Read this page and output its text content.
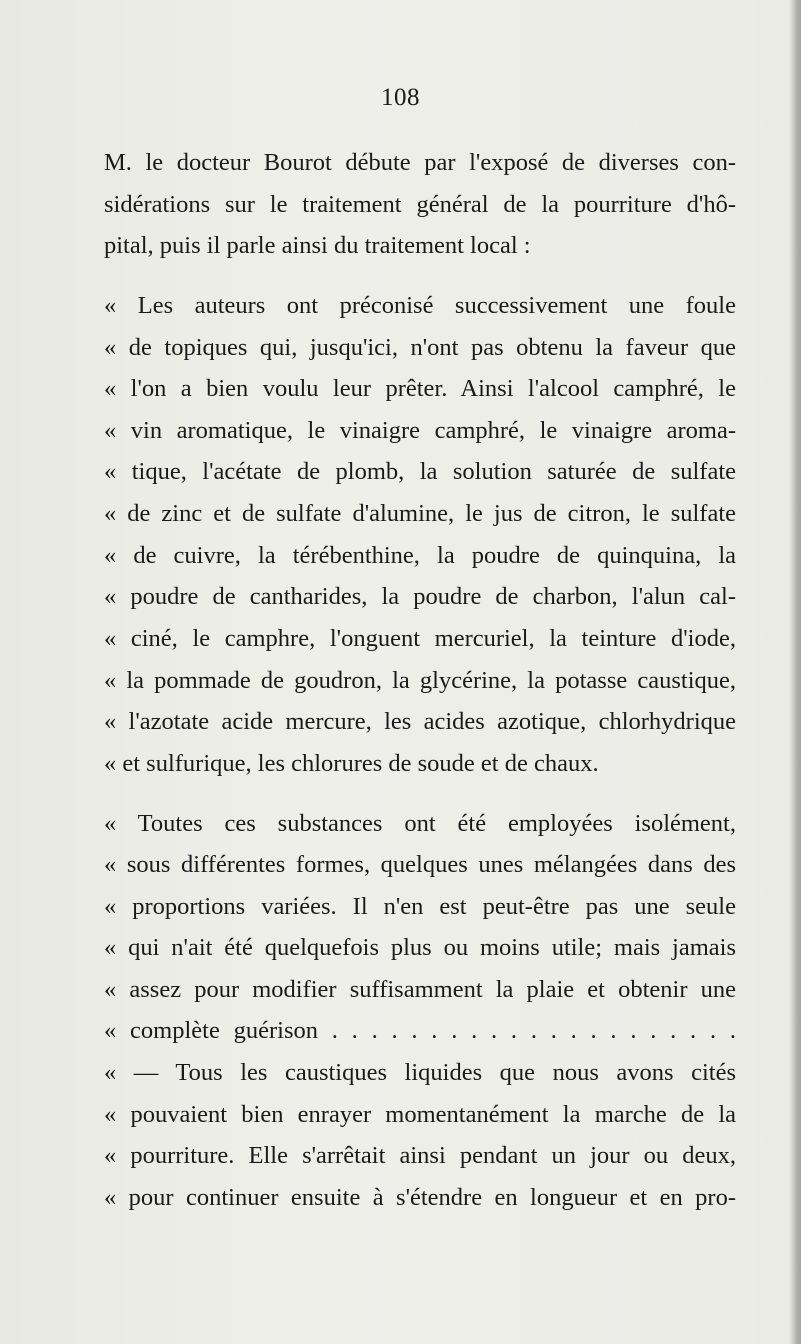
108
M. le docteur Bourot débute par l'exposé de diverses con-
sidérations sur le traitement général de la pourriture d'hô-
pital, puis il parle ainsi du traitement local :
« Les auteurs ont préconisé successivement une foule
« de topiques qui, jusqu'ici, n'ont pas obtenu la faveur que
« l'on a bien voulu leur prêter. Ainsi l'alcool camphré, le
« vin aromatique, le vinaigre camphré, le vinaigre aroma-
« tique, l'acétate de plomb, la solution saturée de sulfate
« de zinc et de sulfate d'alumine, le jus de citron, le sulfate
« de cuivre, la térébenthine, la poudre de quinquina, la
« poudre de cantharides, la poudre de charbon, l'alun cal-
« ciné, le camphre, l'onguent mercuriel, la teinture d'iode,
« la pommade de goudron, la glycérine, la potasse caustique,
« l'azotate acide mercure, les acides azotique, chlorhydrique
« et sulfurique, les chlorures de soude et de chaux.
« Toutes ces substances ont été employées isolément,
« sous différentes formes, quelques unes mélangées dans des
« proportions variées. Il n'en est peut-être pas une seule
« qui n'ait été quelquefois plus ou moins utile; mais jamais
« assez pour modifier suffisamment la plaie et obtenir une
« complète guérison . . . . . . . . . . . . . . . . . . . . .
« — Tous les caustiques liquides que nous avons cités
« pouvaient bien enrayer momentanément la marche de la
« pourriture. Elle s'arrêtait ainsi pendant un jour ou deux,
« pour continuer ensuite à s'étendre en longueur et en pro-
